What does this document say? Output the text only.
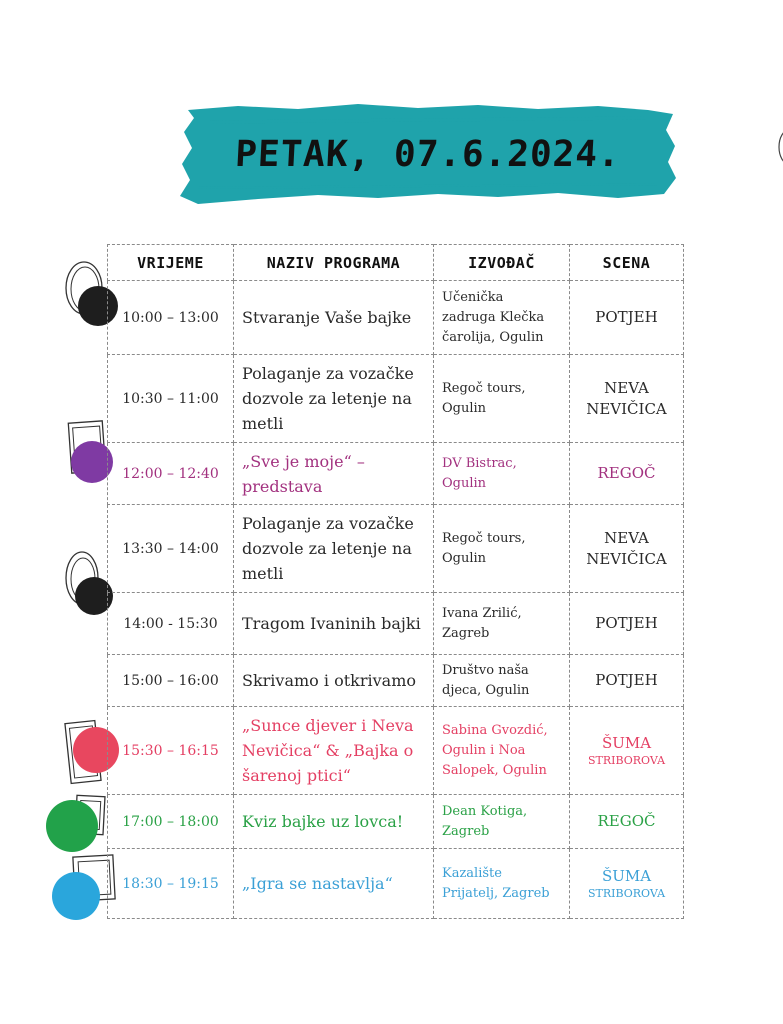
PETAK, 07.6.2024.
VRIJEME	NAZIV PROGRAMA	IZVOĐAČ	SCENA
10:00 – 13:00	Stvaranje Vaše bajke	Učenička zadruga Klečka čarolija, Ogulin	POTJEH
10:30 – 11:00	Polaganje za vozačke dozvole za letenje na metli	Regoč tours, Ogulin	NEVA NEVIČICA
12:00 – 12:40	„Sve je moje“ – predstava	DV Bistrac, Ogulin	REGOČ
13:30 – 14:00	Polaganje za vozačke dozvole za letenje na metli	Regoč tours, Ogulin	NEVA NEVIČICA
14:00 - 15:30	Tragom Ivaninih bajki	Ivana Zrilić, Zagreb	POTJEH
15:00 – 16:00	Skrivamo i otkrivamo	Društvo naša djeca, Ogulin	POTJEH
15:30 – 16:15	„Sunce djever i Neva Nevičica“ & „Bajka o šarenoj ptici“	Sabina Gvozdić, Ogulin i Noa Salopek, Ogulin	ŠUMA
STRIBOROVA

17:00 – 18:00	Kviz bajke uz lovca!	Dean Kotiga, Zagreb	REGOČ
18:30 – 19:15	„Igra se nastavlja“	Kazalište Prijatelj, Zagreb	ŠUMA
STRIBOROVA
